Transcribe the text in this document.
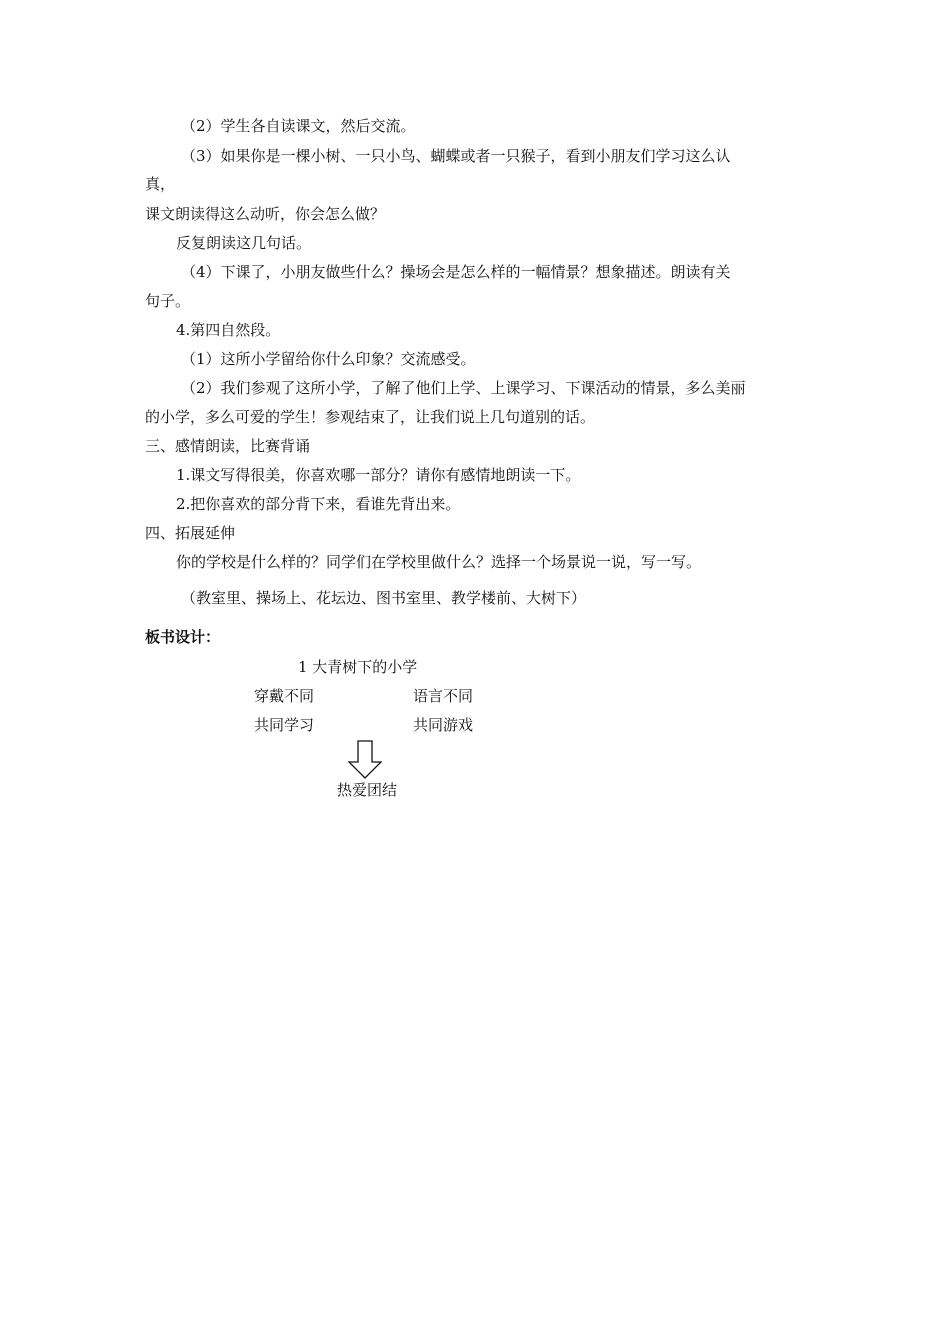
（2）学生各自读课文，然后交流。
（3）如果你是一棵小树、一只小鸟、蝴蝶或者一只猴子，看到小朋友们学习这么认
真，
课文朗读得这么动听，你会怎么做？
反复朗读这几句话。
（4）下课了，小朋友做些什么？操场会是怎么样的一幅情景？想象描述。朗读有关
句子。
4.第四自然段。
（1）这所小学留给你什么印象？交流感受。
（2）我们参观了这所小学，了解了他们上学、上课学习、下课活动的情景，多么美丽
的小学，多么可爱的学生！参观结束了，让我们说上几句道别的话。
三、感情朗读，比赛背诵
1.课文写得很美，你喜欢哪一部分？请你有感情地朗读一下。
2.把你喜欢的部分背下来，看谁先背出来。
四、拓展延伸
你的学校是什么样的？同学们在学校里做什么？选择一个场景说一说，写一写。
（教室里、操场上、花坛边、图书室里、教学楼前、大树下）
板书设计：
1 大青树下的小学
穿戴不同	语言不同
共同学习	共同游戏
热爱团结
